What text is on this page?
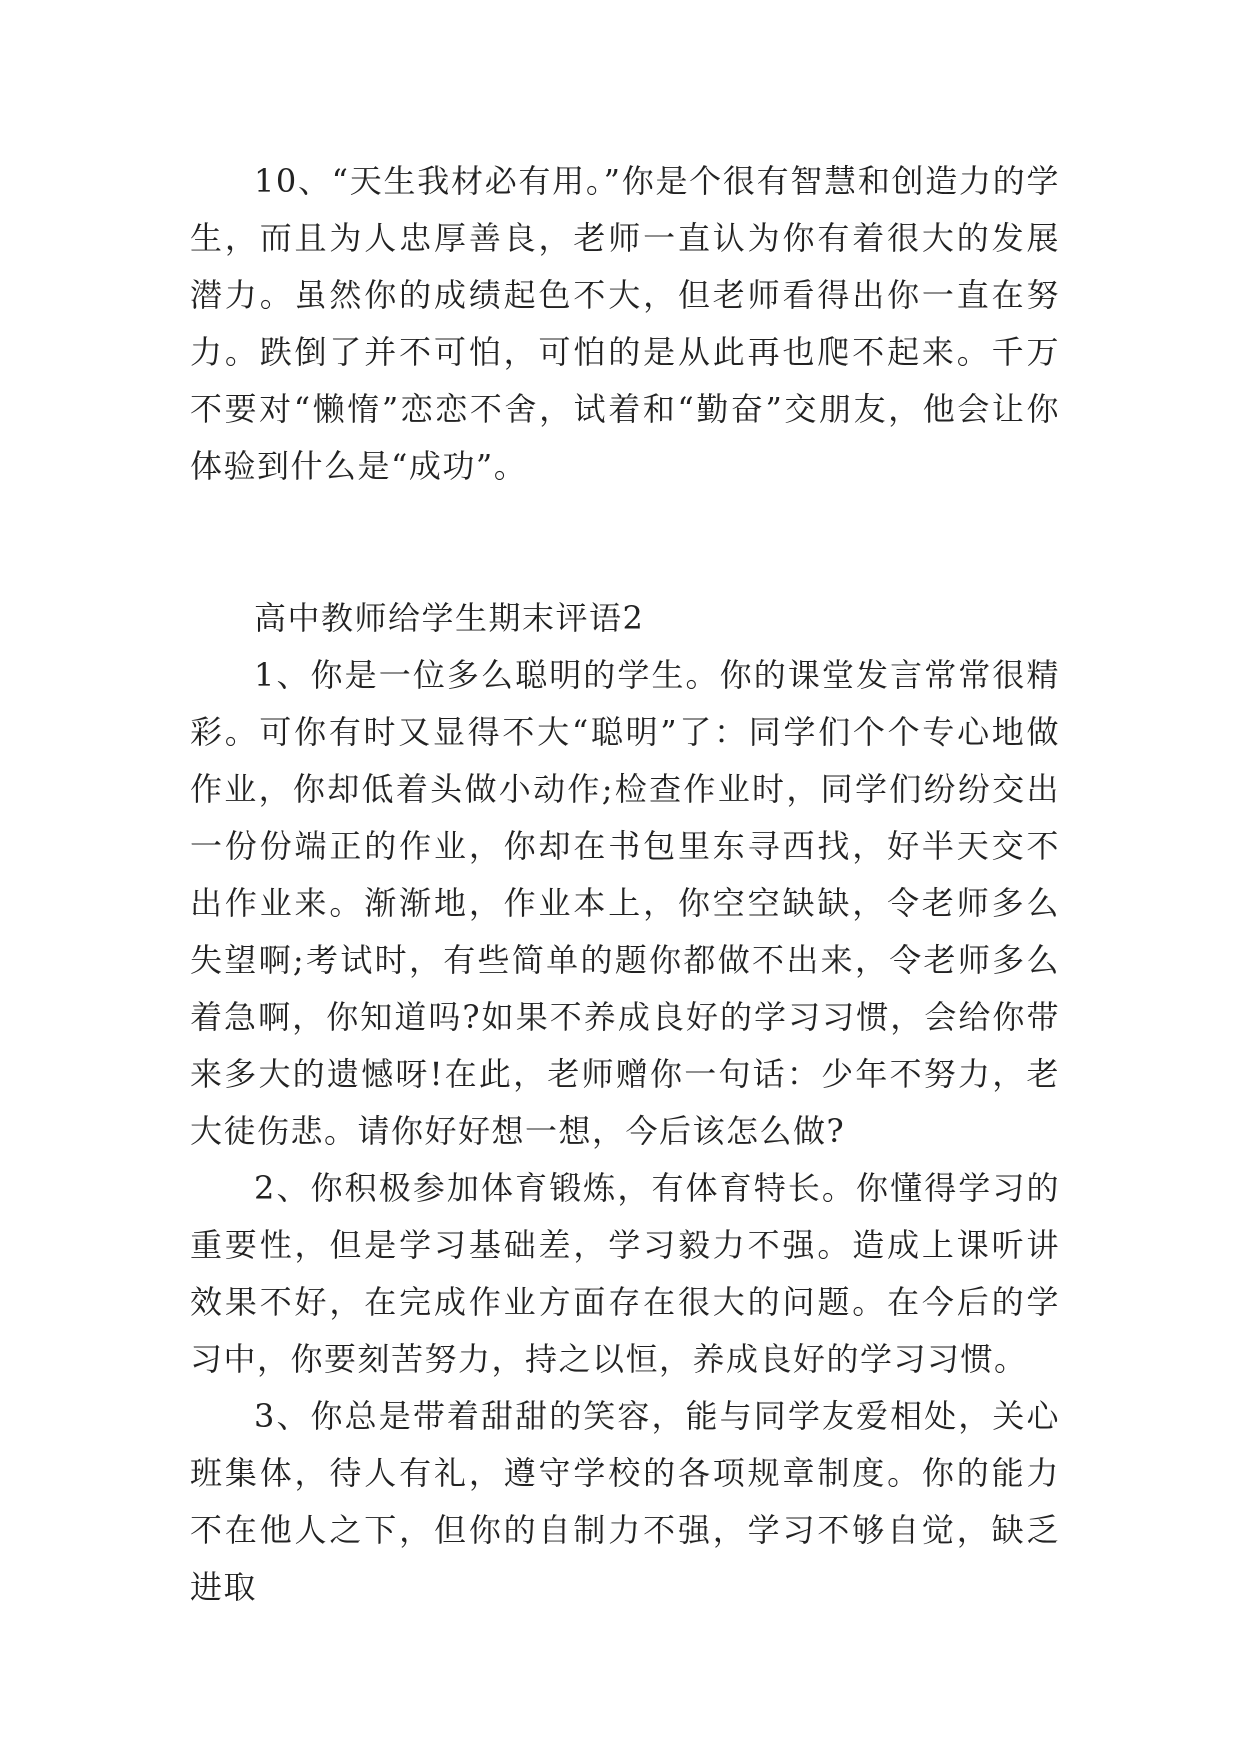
10、“天生我材必有用。”你是个很有智慧和创造力的学生，而且为人忠厚善良，老师一直认为你有着很大的发展潜力。虽然你的成绩起色不大，但老师看得出你一直在努力。跌倒了并不可怕，可怕的是从此再也爬不起来。千万不要对“懒惰”恋恋不舍，试着和“勤奋”交朋友，他会让你体验到什么是“成功”。

高中教师给学生期末评语2

1、你是一位多么聪明的学生。你的课堂发言常常很精彩。可你有时又显得不大“聪明”了：同学们个个专心地做作业，你却低着头做小动作;检查作业时，同学们纷纷交出一份份端正的作业，你却在书包里东寻西找，好半天交不出作业来。渐渐地，作业本上，你空空缺缺，令老师多么失望啊;考试时，有些简单的题你都做不出来，令老师多么着急啊，你知道吗?如果不养成良好的学习习惯，会给你带来多大的遗憾呀!在此，老师赠你一句话：少年不努力，老大徒伤悲。请你好好想一想，今后该怎么做?

2、你积极参加体育锻炼，有体育特长。你懂得学习的重要性，但是学习基础差，学习毅力不强。造成上课听讲效果不好，在完成作业方面存在很大的问题。在今后的学习中，你要刻苦努力，持之以恒，养成良好的学习习惯。

3、你总是带着甜甜的笑容，能与同学友爱相处，关心班集体，待人有礼，遵守学校的各项规章制度。你的能力不在他人之下，但你的自制力不强，学习不够自觉，缺乏进取
